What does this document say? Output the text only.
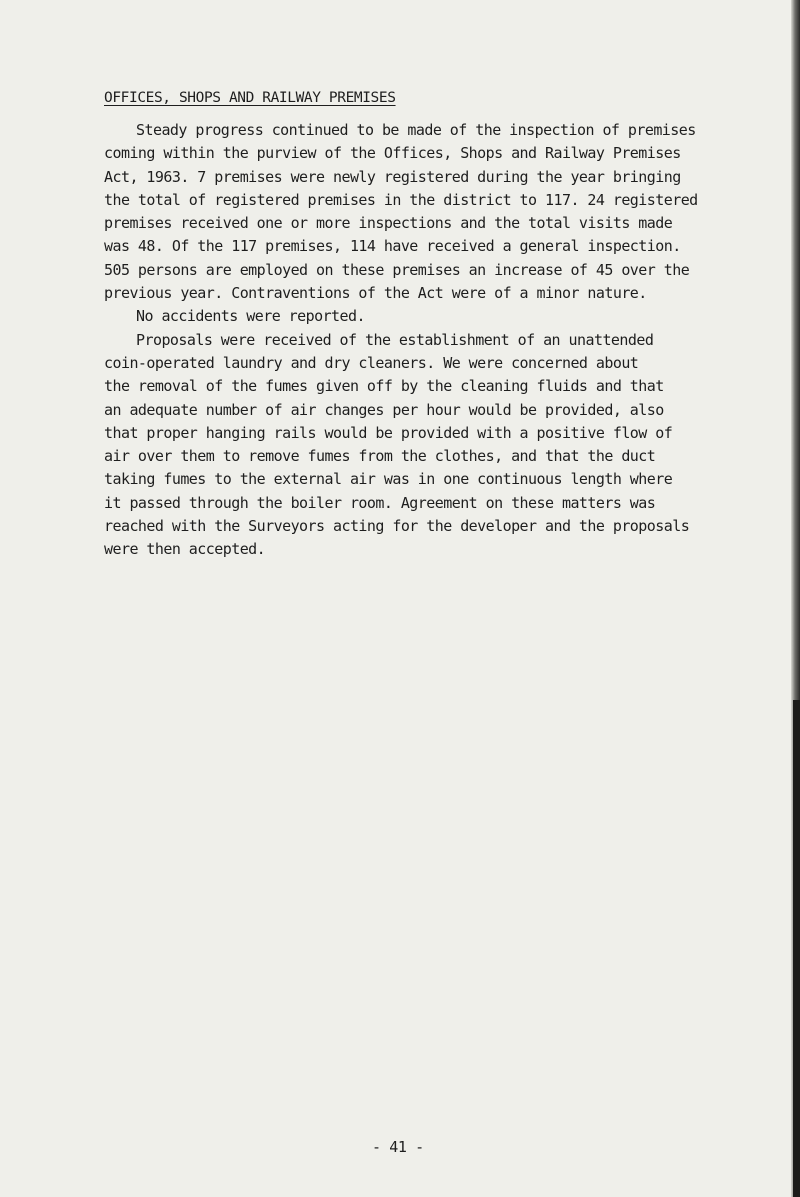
OFFICES, SHOPS AND RAILWAY PREMISES
Steady progress continued to be made of the inspection of premises
coming within the purview of the Offices, Shops and Railway Premises
Act, 1963. 7 premises were newly registered during the year bringing
the total of registered premises in the district to 117. 24 registered
premises received one or more inspections and the total visits made
was 48. Of the 117 premises, 114 have received a general inspection.
505 persons are employed on these premises an increase of 45 over the
previous year. Contraventions of the Act were of a minor nature.
No accidents were reported.
Proposals were received of the establishment of an unattended
coin-operated laundry and dry cleaners. We were concerned about
the removal of the fumes given off by the cleaning fluids and that
an adequate number of air changes per hour would be provided, also
that proper hanging rails would be provided with a positive flow of
air over them to remove fumes from the clothes, and that the duct
taking fumes to the external air was in one continuous length where
it passed through the boiler room. Agreement on these matters was
reached with the Surveyors acting for the developer and the proposals
were then accepted.
- 41 -
